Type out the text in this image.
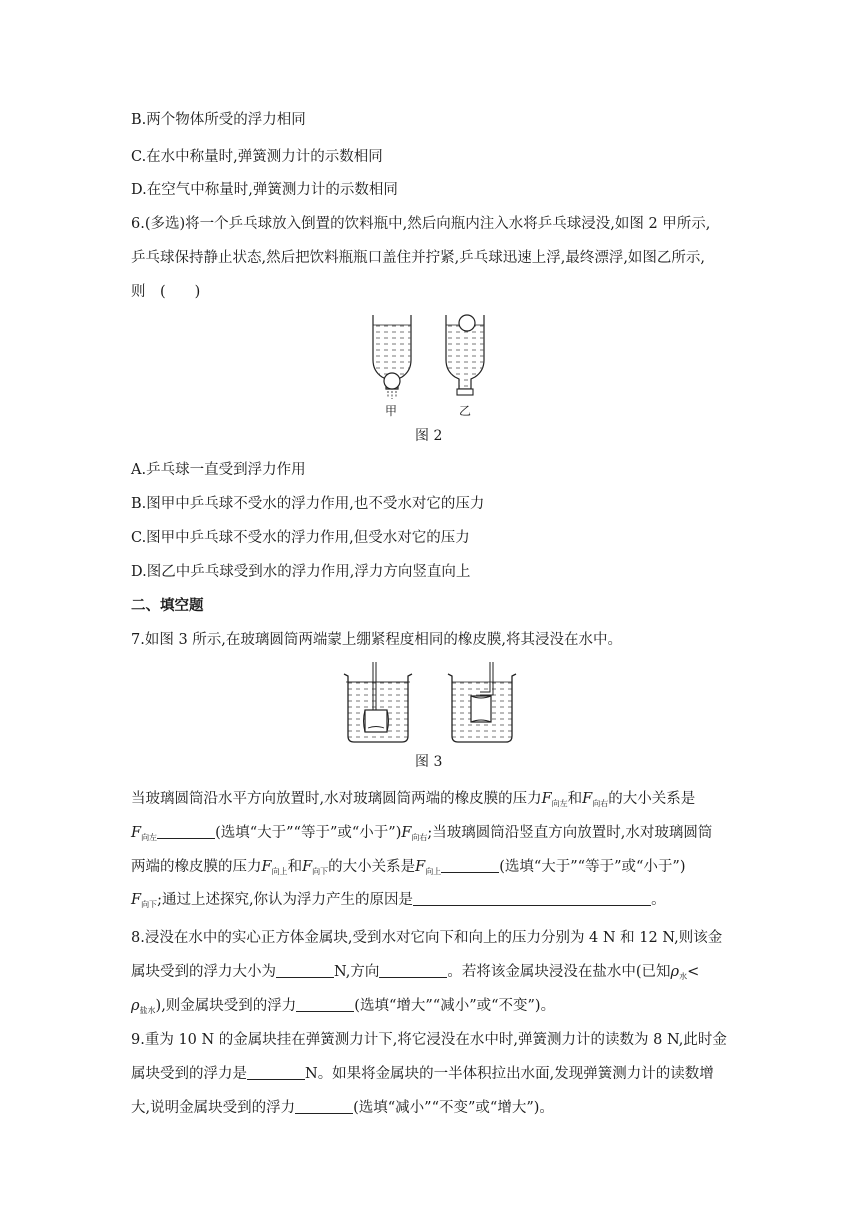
B.两个物体所受的浮力相同
C.在水中称量时,弹簧测力计的示数相同
D.在空气中称量时,弹簧测力计的示数相同
6.(多选)将一个乒乓球放入倒置的饮料瓶中,然后向瓶内注入水将乒乓球浸没,如图 2 甲所示,
乒乓球保持静止状态,然后把饮料瓶瓶口盖住并拧紧,乒乓球迅速上浮,最终漂浮,如图乙所示,
则　(　　)
甲	乙
图 2
A.乒乓球一直受到浮力作用
B.图甲中乒乓球不受水的浮力作用,也不受水对它的压力
C.图甲中乒乓球不受水的浮力作用,但受水对它的压力
D.图乙中乒乓球受到水的浮力作用,浮力方向竖直向上
二、填空题
7.如图 3 所示,在玻璃圆筒两端蒙上绷紧程度相同的橡皮膜,将其浸没在水中。
图 3
当玻璃圆筒沿水平方向放置时,水对玻璃圆筒两端的橡皮膜的压力$F_{向左}$和$F_{向右}$的大小关系是
$F_{向左}$	(选填“大于”“等于”或“小于$”)F_{向右}$;当玻璃圆筒沿竖直方向放置时,水对玻璃圆筒
两端的橡皮膜的压力$F_{向上}$和$F_{向下}$的大小关系是$F_{向上}$	(选填“大于”“等于”或“小于”)
$F_{向下}$;通过上述探究,你认为浮力产生的原因是	。
8.浸没在水中的实心正方体金属块,受到水对它向下和向上的压力分别为 4 N 和 12 N,则该金
属块受到的浮力大小为	N,方向	。若将该金属块浸没在盐水中(已知$\rho_水<$
$\rho_{盐水}$),则金属块受到的浮力	(选填“增大”“减小”或“不变”)。
9.重为 10 N 的金属块挂在弹簧测力计下,将它浸没在水中时,弹簧测力计的读数为 8 N,此时金
属块受到的浮力是	N。如果将金属块的一半体积拉出水面,发现弹簧测力计的读数增
大,说明金属块受到的浮力	(选填“减小”“不变”或“增大”)。
